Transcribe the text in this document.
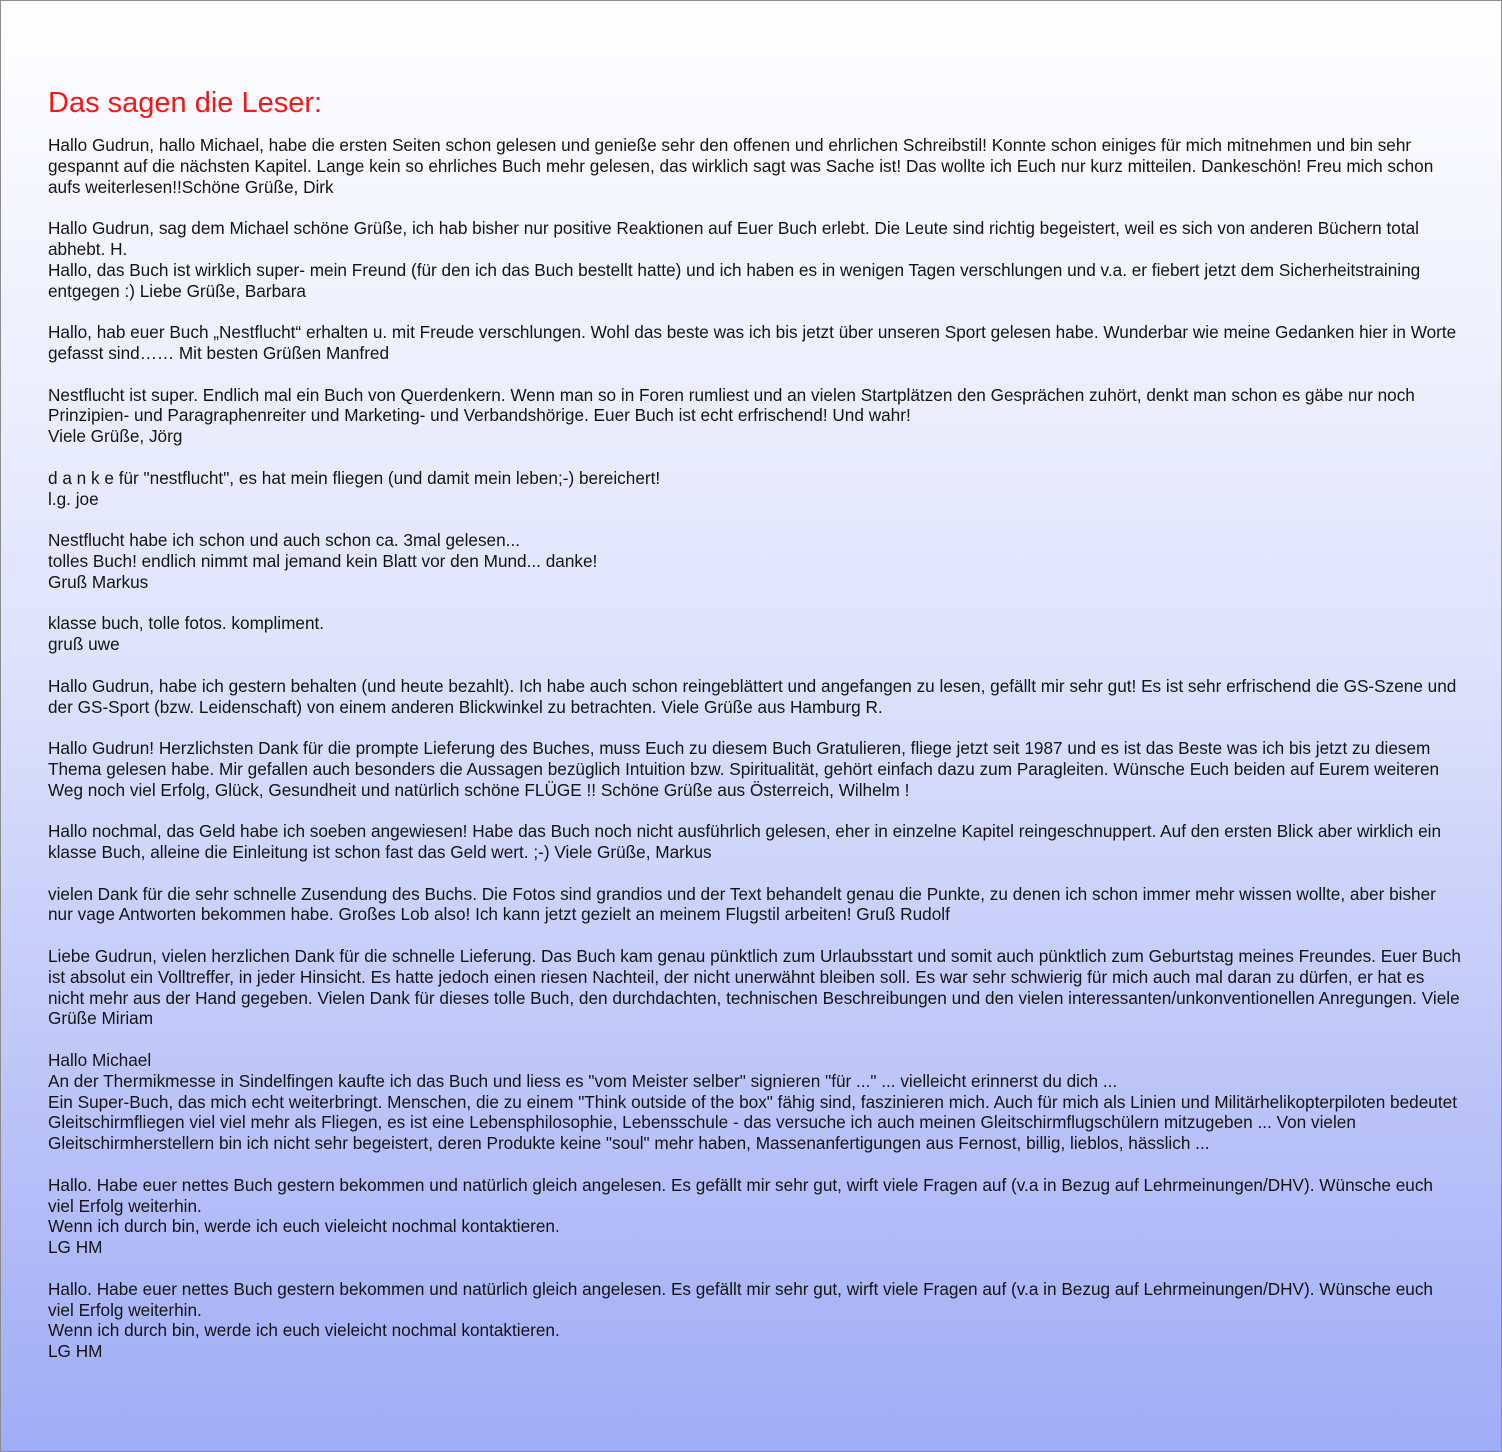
Das sagen die Leser:
Hallo Gudrun, hallo Michael, habe die ersten Seiten schon gelesen und genieße sehr den offenen und ehrlichen Schreibstil! Konnte schon einiges für mich mitnehmen und bin sehr gespannt auf die nächsten Kapitel. Lange kein so ehrliches Buch mehr gelesen, das wirklich sagt was Sache ist! Das wollte ich Euch nur kurz mitteilen. Dankeschön! Freu mich schon aufs weiterlesen!!Schöne Grüße, Dirk
Hallo Gudrun, sag dem Michael schöne Grüße, ich hab bisher nur positive Reaktionen auf Euer Buch erlebt. Die Leute sind richtig begeistert, weil es sich von anderen Büchern total abhebt. H.
Hallo, das Buch ist wirklich super- mein Freund (für den ich das Buch bestellt hatte) und ich haben es in wenigen Tagen verschlungen und v.a. er fiebert jetzt dem Sicherheitstraining entgegen :) Liebe Grüße, Barbara
Hallo, hab euer Buch „Nestflucht“ erhalten u. mit Freude verschlungen. Wohl das beste was ich bis jetzt über unseren Sport gelesen habe. Wunderbar wie meine Gedanken hier in Worte gefasst sind…… Mit besten Grüßen Manfred
Nestflucht ist super. Endlich mal ein Buch von Querdenkern. Wenn man so in Foren rumliest und an vielen Startplätzen den Gesprächen zuhört, denkt man schon es gäbe nur noch Prinzipien- und Paragraphenreiter und Marketing- und Verbandshörige. Euer Buch ist echt erfrischend! Und wahr!
Viele Grüße, Jörg
d a n k e für "nestflucht", es hat mein fliegen (und damit mein leben;-) bereichert!
l.g. joe
Nestflucht habe ich schon und auch schon ca. 3mal gelesen...
tolles Buch! endlich nimmt mal jemand kein Blatt vor den Mund... danke!
Gruß Markus
klasse buch, tolle fotos. kompliment.
gruß uwe
Hallo Gudrun, habe ich gestern behalten (und heute bezahlt). Ich habe auch schon reingeblättert und angefangen zu lesen, gefällt mir sehr gut! Es ist sehr erfrischend die GS-Szene und der GS-Sport (bzw. Leidenschaft) von einem anderen Blickwinkel zu betrachten. Viele Grüße aus Hamburg R.
Hallo Gudrun! Herzlichsten Dank für die prompte Lieferung des Buches, muss Euch zu diesem Buch Gratulieren, fliege jetzt seit 1987 und es ist das Beste was ich bis jetzt zu diesem Thema gelesen habe. Mir gefallen auch besonders die Aussagen bezüglich Intuition bzw. Spiritualität, gehört einfach dazu zum Paragleiten. Wünsche Euch beiden auf Eurem weiteren Weg noch viel Erfolg, Glück, Gesundheit und natürlich schöne FLÜGE !! Schöne Grüße aus Österreich, Wilhelm !
Hallo nochmal, das Geld habe ich soeben angewiesen! Habe das Buch noch nicht ausführlich gelesen, eher in einzelne Kapitel reingeschnuppert. Auf den ersten Blick aber wirklich ein klasse Buch, alleine die Einleitung ist schon fast das Geld wert. ;-) Viele Grüße, Markus
vielen Dank für die sehr schnelle Zusendung des Buchs. Die Fotos sind grandios und der Text behandelt genau die Punkte, zu denen ich schon immer mehr wissen wollte, aber bisher nur vage Antworten bekommen habe. Großes Lob also! Ich kann jetzt gezielt an meinem Flugstil arbeiten! Gruß Rudolf
Liebe Gudrun, vielen herzlichen Dank für die schnelle Lieferung. Das Buch kam genau pünktlich zum Urlaubsstart und somit auch pünktlich zum Geburtstag meines Freundes. Euer Buch ist absolut ein Volltreffer, in jeder Hinsicht. Es hatte jedoch einen riesen Nachteil, der nicht unerwähnt bleiben soll. Es war sehr schwierig für mich auch mal daran zu dürfen, er hat es nicht mehr aus der Hand gegeben. Vielen Dank für dieses tolle Buch, den durchdachten, technischen Beschreibungen und den vielen interessanten/unkonventionellen Anregungen. Viele Grüße Miriam
Hallo Michael
An der Thermikmesse in Sindelfingen kaufte ich das Buch und liess es "vom Meister selber" signieren "für ..." ... vielleicht erinnerst du dich ...
Ein Super-Buch, das mich echt weiterbringt. Menschen, die zu einem "Think outside of the box" fähig sind, faszinieren mich. Auch für mich als Linien und Militärhelikopterpiloten bedeutet Gleitschirmfliegen viel viel mehr als Fliegen, es ist eine Lebensphilosophie, Lebensschule - das versuche ich auch meinen Gleitschirmflugschülern mitzugeben ... Von vielen Gleitschirmherstellern bin ich nicht sehr begeistert, deren Produkte keine "soul" mehr haben, Massenanfertigungen aus Fernost, billig, lieblos, hässlich ...
Hallo. Habe euer nettes Buch gestern bekommen und natürlich gleich angelesen. Es gefällt mir sehr gut, wirft viele Fragen auf (v.a in Bezug auf Lehrmeinungen/DHV). Wünsche euch viel Erfolg weiterhin.
Wenn ich durch bin, werde ich euch vieleicht nochmal kontaktieren.
LG HM
Hallo. Habe euer nettes Buch gestern bekommen und natürlich gleich angelesen. Es gefällt mir sehr gut, wirft viele Fragen auf (v.a in Bezug auf Lehrmeinungen/DHV). Wünsche euch viel Erfolg weiterhin.
Wenn ich durch bin, werde ich euch vieleicht nochmal kontaktieren.
LG HM
